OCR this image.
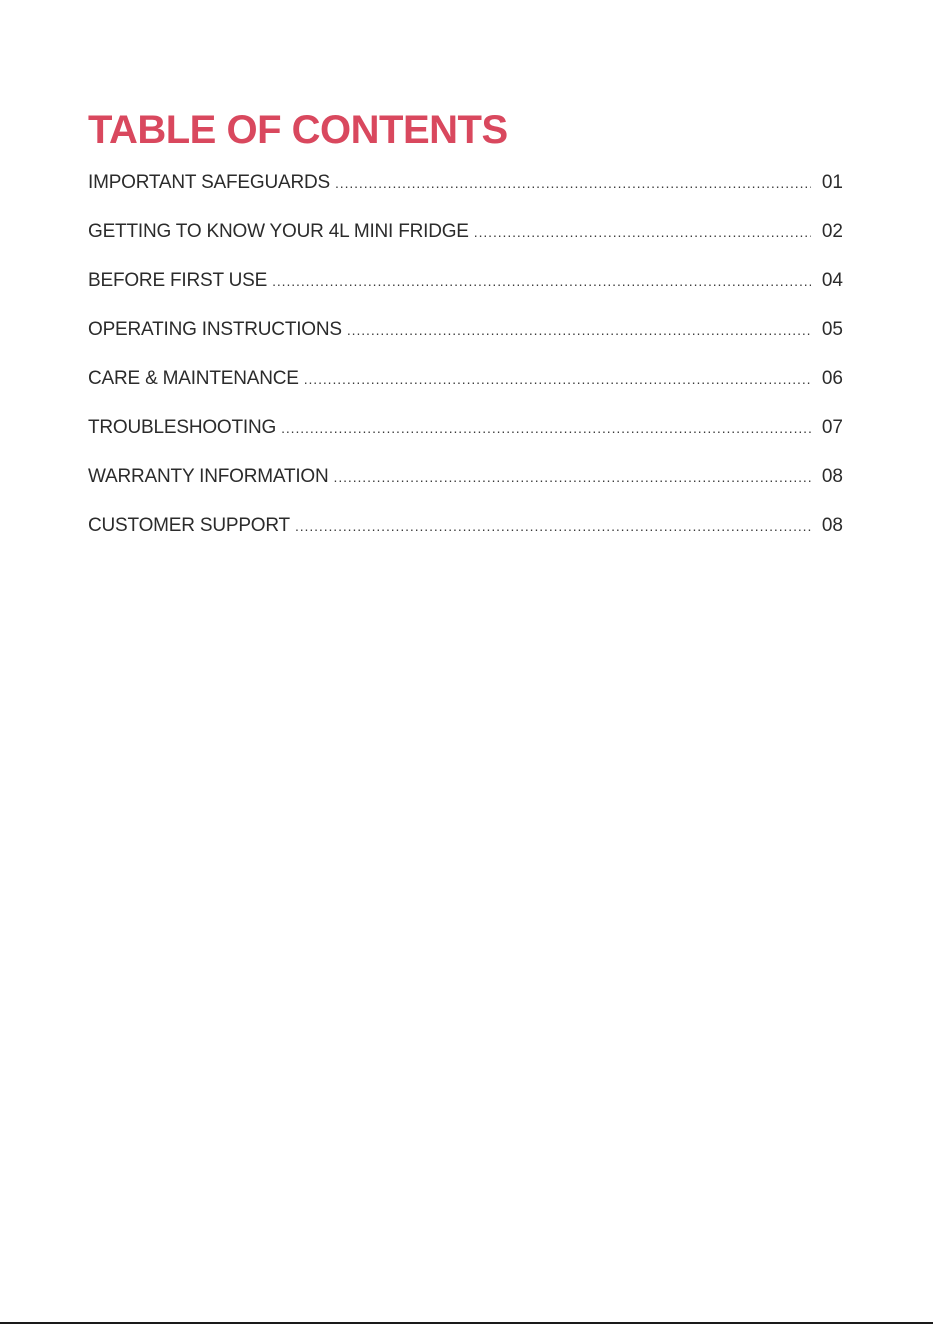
TABLE OF CONTENTS
IMPORTANT SAFEGUARDS .....	01
GETTING TO KNOW YOUR 4L MINI FRIDGE .....	02
BEFORE FIRST USE .....	04
OPERATING INSTRUCTIONS .....	05
CARE & MAINTENANCE .....	06
TROUBLESHOOTING .....	07
WARRANTY INFORMATION .....	08
CUSTOMER SUPPORT .....	08
